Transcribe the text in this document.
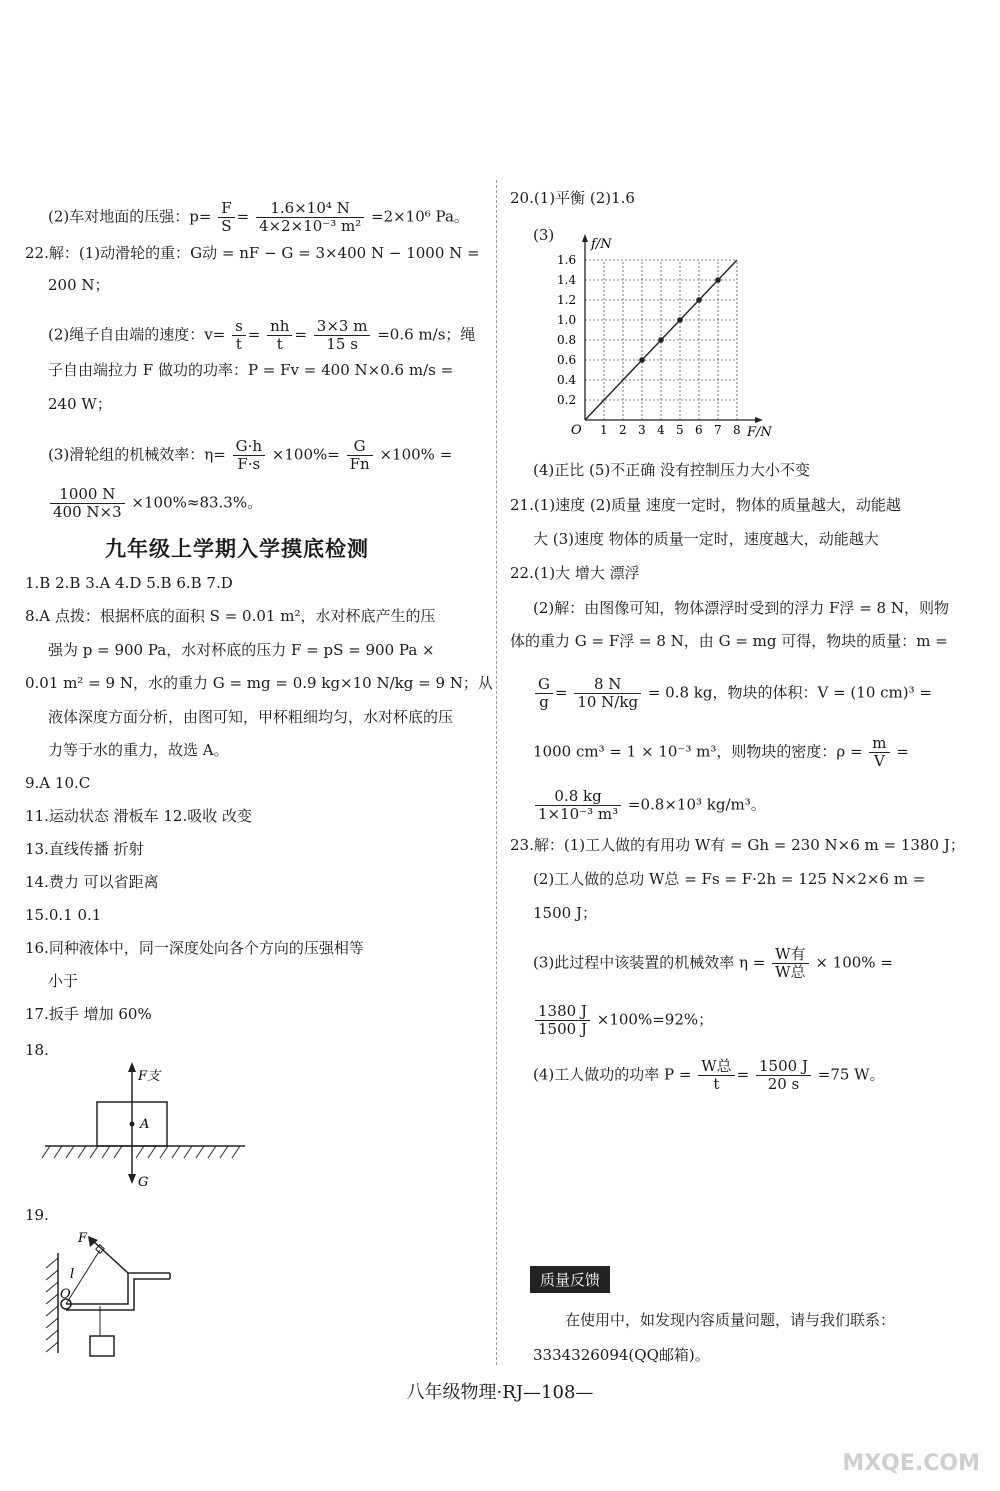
(2)车对地面的压强：$p= \frac{F}{S} = \frac{\text{1.6×10⁴ N}}{\text{4×2×10⁻³ m²}} =2\times 10^6$ Pa。
22.解：(1)动滑轮的重：G动 = nF − G = 3×400 N − 1000 N =
200 N；
(2)绳子自由端的速度：$v= \frac{s}{t} = \frac{nh}{t} = \frac{3\times 3 m}{15 s} =0.6$ m/s；绳
子自由端拉力 F 做功的功率：P = Fv = 400 N×0.6 m/s =
240 W；
(3)滑轮组的机械效率：$\eta= \frac{G\cdot h}{F\cdot s} \times 100\%= \frac{G}{Fn} \times 100\%$ =
$\frac{1000 N}{400 N\times 3} \times 100\%\approx 83.3\%$。
九年级上学期入学摸底检测
1.B 2.B 3.A 4.D 5.B 6.B 7.D
8.A 点拨：根据杯底的面积 S = 0.01 m²，水对杯底产生的压
强为 p = 900 Pa，水对杯底的压力 F = pS = 900 Pa ×
0.01 m² = 9 N，水的重力 G = mg = 0.9 kg×10 N/kg = 9 N；从
液体深度方面分析，由图可知，甲杯粗细均匀，水对杯底的压
力等于水的重力，故选 A。
9.A 10.C
11.运动状态 滑板车 12.吸收 改变
13.直线传播 折射
14.费力 可以省距离
15.0.1 0.1
16.同种液体中，同一深度处向各个方向的压强相等
小于
17.扳手 增加 60%
18.
F支
A
G
19.
F
l
O
20.(1)平衡 (2)1.6
(3)
1 2 3 4 5 6 7 8
0.2
0.4
0.6
0.8
1.0
1.2
1.4
1.6
O
f/N
F/N
(4)正比 (5)不正确 没有控制压力大小不变
21.(1)速度 (2)质量 速度一定时，物体的质量越大，动能越
大 (3)速度 物体的质量一定时，速度越大，动能越大
22.(1)大 增大 漂浮
(2)解：由图像可知，物体漂浮时受到的浮力 F浮 = 8 N，则物
体的重力 G = F浮 = 8 N，由 G = mg 可得，物块的质量：m =
$\frac{G}{g} = \frac{8 N}{10 N/kg} = 0.8$ kg，物块的体积：V = (10 cm)³ =
1000 cm³ = 1 × 10⁻³ m³，则物块的密度：$\rho = \frac{m}{V}$ =
$\frac{0.8 kg}{\text{1×10⁻³ m³}} =0.8\times 10^3$ kg/m³。
23.解：(1)工人做的有用功 W有 = Gh = 230 N×6 m = 1380 J；
(2)工人做的总功 W总 = Fs = F·2h = 125 N×2×6 m =
1500 J；
(3)此过程中该装置的机械效率 $\eta = \frac{\text{W有}}{\text{W总}} \times 100\%$ =
$\frac{1380 J}{1500 J} \times 100\%=92\%$；
(4)工人做功的功率 $P = \frac{\text{W总}}{t} = \frac{1500 J}{20 s} =75$ W。
质量反馈
在使用中，如发现内容质量问题，请与我们联系：
3334326094(QQ邮箱)。
八年级物理·RJ—108—
MXQE.COM
